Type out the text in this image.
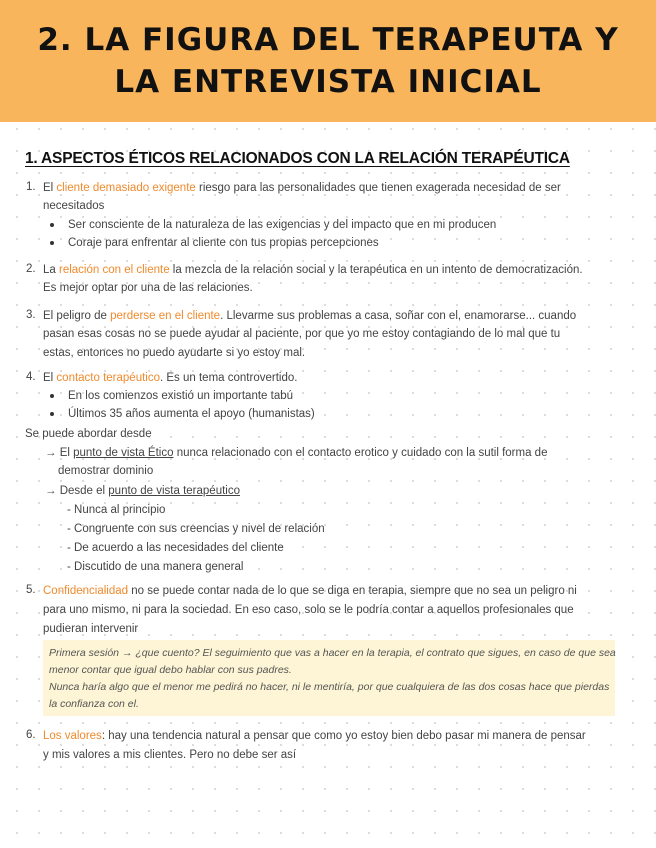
2. LA FIGURA DEL TERAPEUTA Y
LA ENTREVISTA INICIAL
1. ASPECTOS ÉTICOS RELACIONADOS CON LA RELACIÓN TERAPÉUTICA
1. El cliente demasiado exigente riesgo para las personalidades que tienen exagerada necesidad de ser
necesitados
Ser consciente de la naturaleza de las exigencias y del impacto que en mi producen
Coraje para enfrentar al cliente con tus propias percepciones
2. La relación con el cliente la mezcla de la relación social y la terapéutica en un intento de democratización.
Es mejor optar por una de las relaciones.
3. El peligro de perderse en el cliente. Llevarme sus problemas a casa, soñar con el, enamorarse... cuando
pasan esas cosas no se puede ayudar al paciente, por que yo me estoy contagiando de lo mal que tu
estas, entonces no puedo ayudarte si yo estoy mal.
4. El contacto terapéutico. Es un tema controvertido.
En los comienzos existió un importante tabú
Últimos 35 años aumenta el apoyo (humanistas)
Se puede abordar desde
→ El punto de vista Ético nunca relacionado con el contacto erotico y cuidado con la sutil forma de
demostrar dominio
→ Desde el punto de vista terapéutico
- Nunca al principio
- Congruente con sus creencias y nivel de relación
- De acuerdo a las necesidades del cliente
- Discutido de una manera general
5. Confidencialidad no se puede contar nada de lo que se diga en terapia, siempre que no sea un peligro ni
para uno mismo, ni para la sociedad. En eso caso, solo se le podría contar a aquellos profesionales que
pudieran intervenir
Primera sesión → ¿que cuento? El seguimiento que vas a hacer en la terapia, el contrato que sigues, en caso de que sea
menor contar que igual debo hablar con sus padres.
Nunca haría algo que el menor me pedirá no hacer, ni le mentiría, por que cualquiera de las dos cosas hace que pierdas
la confianza con el.
6. Los valores: hay una tendencia natural a pensar que como yo estoy bien debo pasar mi manera de pensar
y mis valores a mis clientes. Pero no debe ser así
